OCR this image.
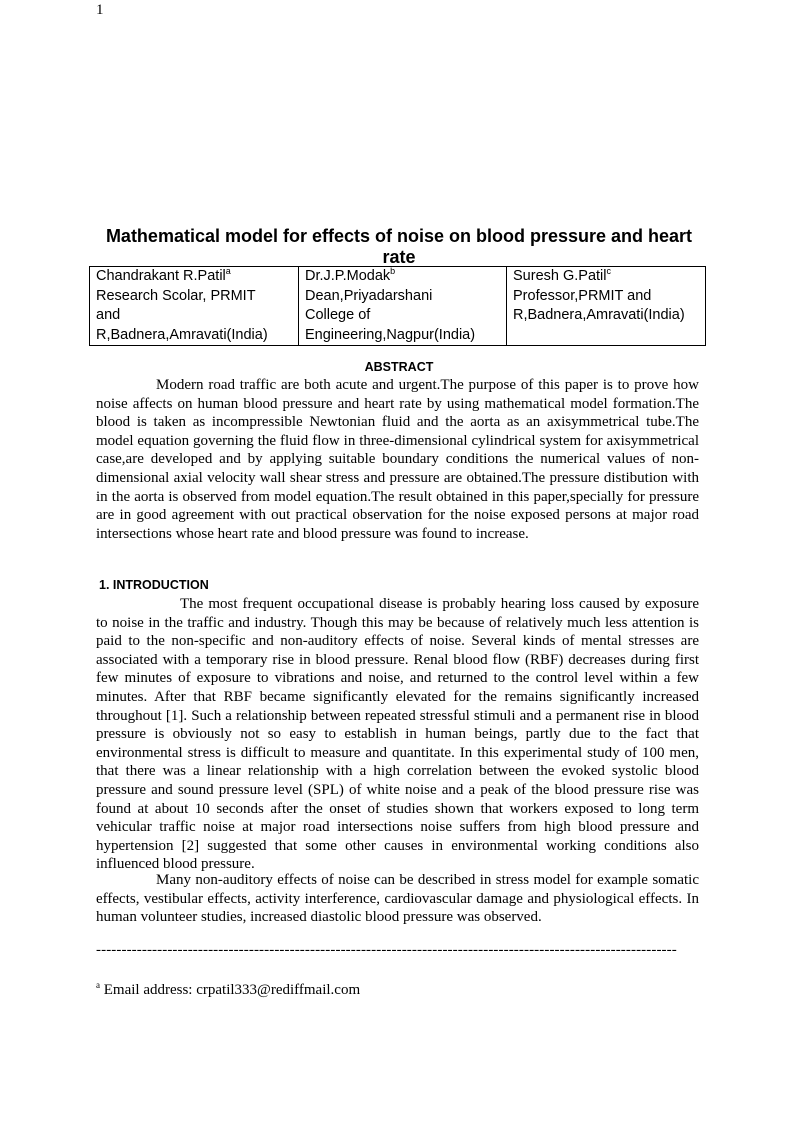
1
Mathematical model for effects of noise on blood pressure and heart rate
Chandrakant R.Patil$^a$
Research Scolar, PRMIT
and
R,Badnera,Amravati(India)

Dr.J.P.Modak$^b$
Dean,Priyadarshani
College of
Engineering,Nagpur(India)

Suresh G.Patil$^c$
Professor,PRMIT and
R,Badnera,Amravati(India)
ABSTRACT

Modern road traffic are both acute and urgent.The purpose of this paper is to prove how noise affects on human blood pressure and heart rate by using mathematical model formation.The blood is taken as incompressible Newtonian fluid and the aorta as an axisymmetrical tube.The model equation governing the fluid flow in three-dimensional cylindrical system for axisymmetrical case,are developed and by applying suitable boundary conditions the numerical values of non-dimensional axial velocity wall shear stress and pressure are obtained.The pressure distibution with in the aorta is observed from model equation.The result obtained in this paper,specially for pressure are in good agreement with out practical observation for the noise exposed persons at major road intersections whose heart rate and blood pressure was found to increase.

1. INTRODUCTION

The most frequent occupational disease is probably hearing loss caused by exposure to noise in the traffic and industry. Though this may be because of relatively much less attention is paid to the non-specific and non-auditory effects of noise. Several kinds of mental stresses are associated with a temporary rise in blood pressure. Renal blood flow (RBF) decreases during first few minutes of exposure to vibrations and noise, and returned to the control level within a few minutes. After that RBF became significantly elevated for the remains significantly increased throughout [1]. Such a relationship between repeated stressful stimuli and a permanent rise in blood pressure is obviously not so easy to establish in human beings, partly due to the fact that environmental stress is difficult to measure and quantitate. In this experimental study of 100 men, that there was a linear relationship with a high correlation between the evoked systolic blood pressure and sound pressure level (SPL) of white noise and a peak of the blood pressure rise was found at about 10 seconds after the onset of studies shown that workers exposed to long term vehicular traffic noise at major road intersections noise suffers from high blood pressure and hypertension [2] suggested that some other causes in environmental working conditions also influenced blood pressure.

Many non-auditory effects of noise can be described in stress model for example somatic effects, vestibular effects, activity interference, cardiovascular damage and physiological effects. In human volunteer studies, increased diastolic blood pressure was observed.

------------------------------------------------------------------------------------------------------------------
$^a$ Email address: crpatil333@rediffmail.com
